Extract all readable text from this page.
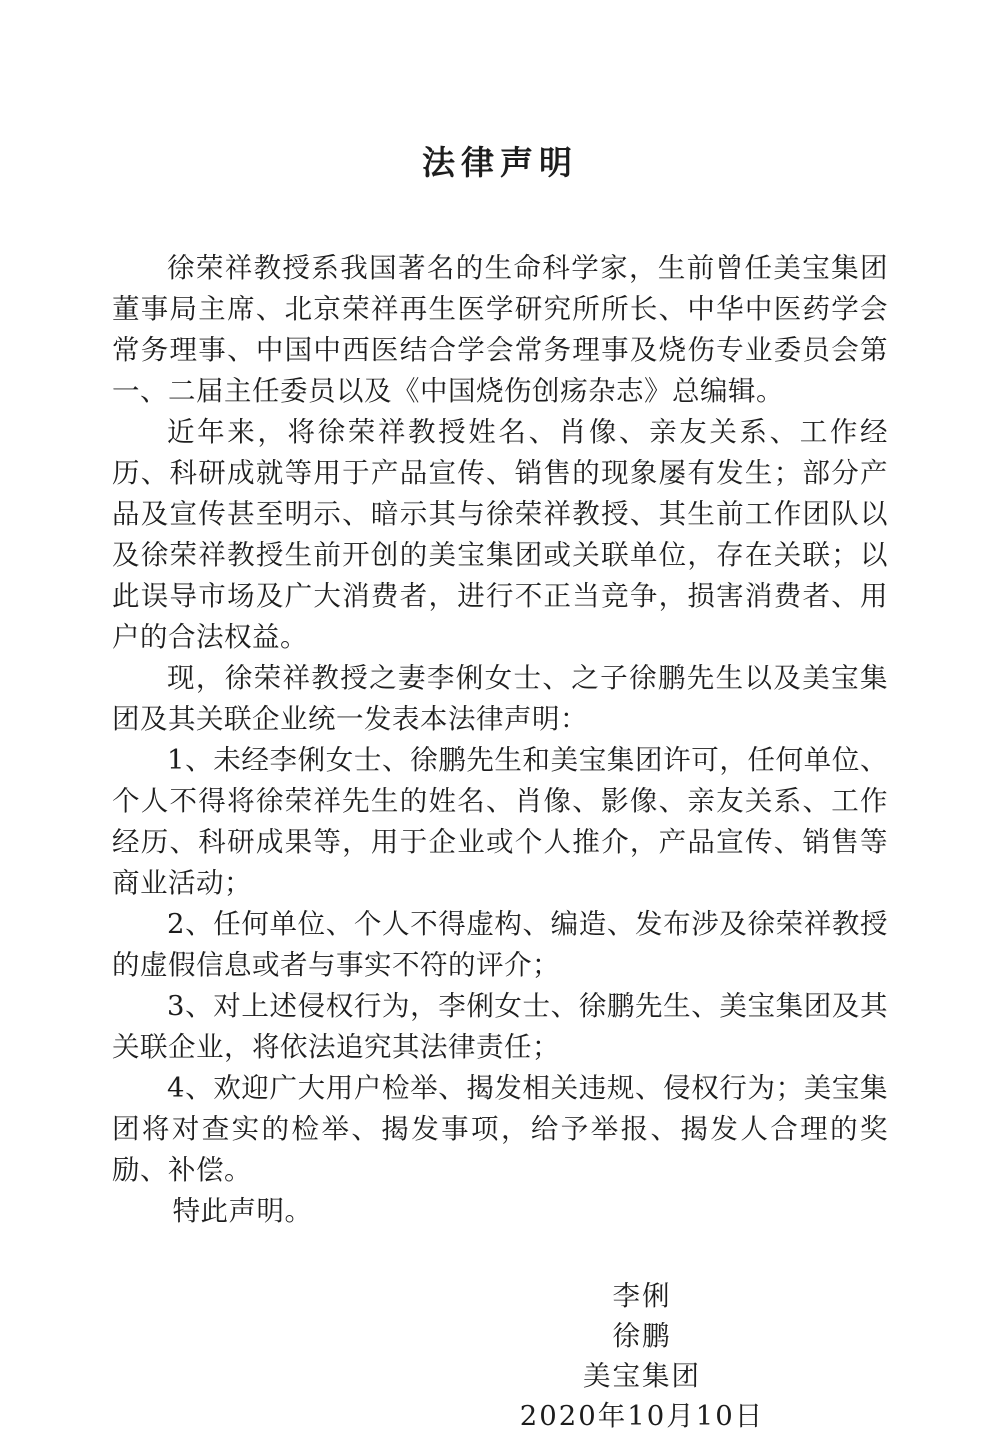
法律声明

徐荣祥教授系我国著名的生命科学家，生前曾任美宝集团董事局主席、北京荣祥再生医学研究所所长、中华中医药学会常务理事、中国中西医结合学会常务理事及烧伤专业委员会第一、二届主任委员以及《中国烧伤创疡杂志》总编辑。

近年来，将徐荣祥教授姓名、肖像、亲友关系、工作经历、科研成就等用于产品宣传、销售的现象屡有发生；部分产品及宣传甚至明示、暗示其与徐荣祥教授、其生前工作团队以及徐荣祥教授生前开创的美宝集团或关联单位，存在关联；以此误导市场及广大消费者，进行不正当竞争，损害消费者、用户的合法权益。

现，徐荣祥教授之妻李俐女士、之子徐鹏先生以及美宝集团及其关联企业统一发表本法律声明：

1、未经李俐女士、徐鹏先生和美宝集团许可，任何单位、个人不得将徐荣祥先生的姓名、肖像、影像、亲友关系、工作经历、科研成果等，用于企业或个人推介，产品宣传、销售等商业活动；

2、任何单位、个人不得虚构、编造、发布涉及徐荣祥教授的虚假信息或者与事实不符的评介；

3、对上述侵权行为，李俐女士、徐鹏先生、美宝集团及其关联企业，将依法追究其法律责任；

4、欢迎广大用户检举、揭发相关违规、侵权行为；美宝集团将对查实的检举、揭发事项，给予举报、揭发人合理的奖励、补偿。

特此声明。

李俐
徐鹏
美宝集团
2020年10月10日
